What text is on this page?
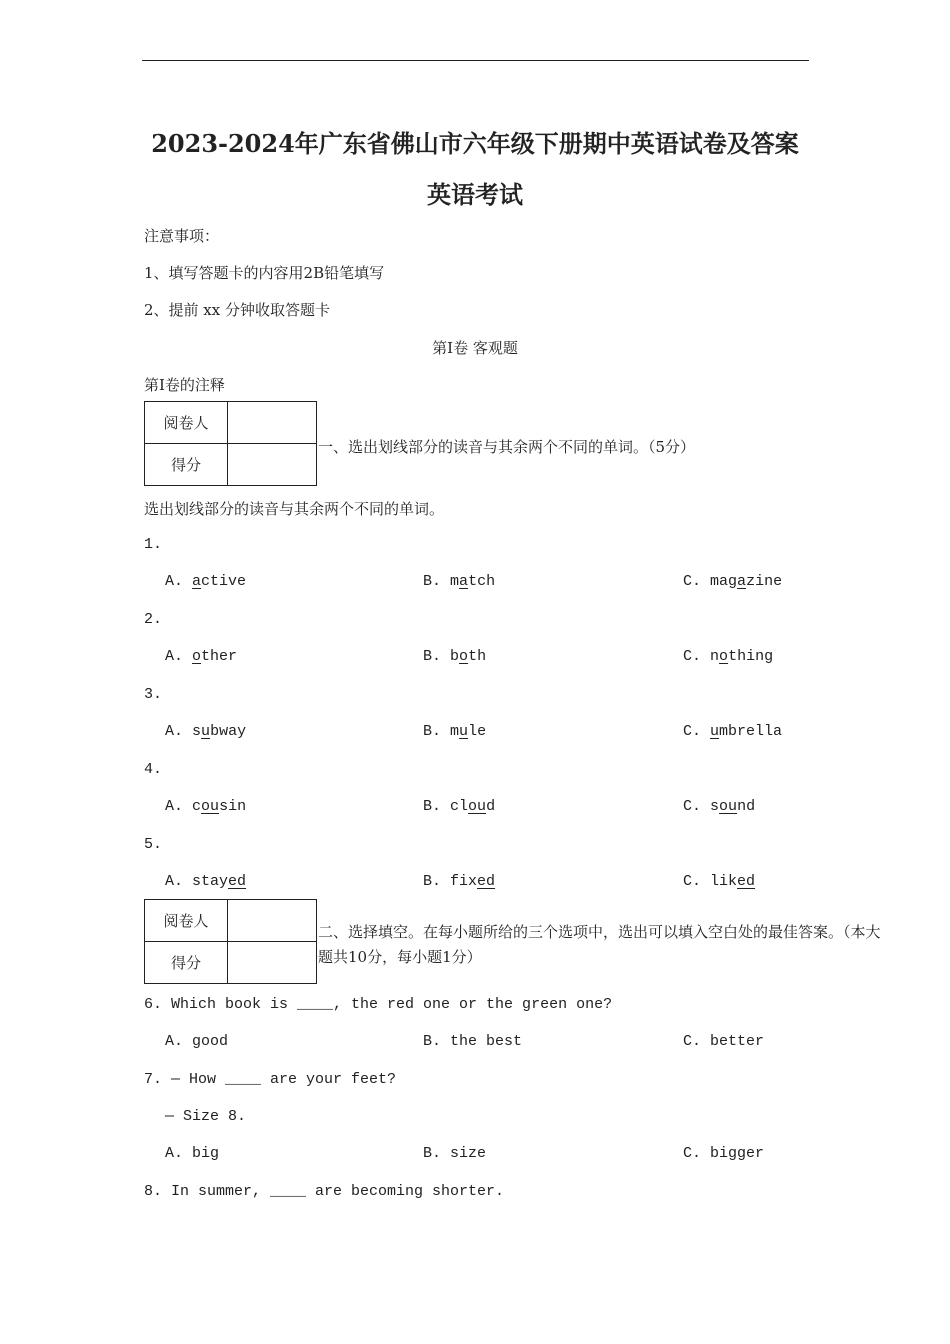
2023-2024年广东省佛山市六年级下册期中英语试卷及答案
英语考试
注意事项：
1、填写答题卡的内容用2B铅笔填写
2、提前 xx 分钟收取答题卡
第Ⅰ卷 客观题
第Ⅰ卷的注释
阅卷人	
得分	
一、选出划线部分的读音与其余两个不同的单词。（5分）
选出划线部分的读音与其余两个不同的单词。
1.
A. active	B. match	C. magazine
2.
A. other	B. both	C. nothing
3.
A. subway	B. mule	C. umbrella
4.
A. cousin	B. cloud	C. sound
5.
A. stayed	B. fixed	C. liked
阅卷人	
得分	
二、选择填空。在每小题所给的三个选项中，选出可以填入空白处的最佳答案。（本大
题共10分，每小题1分）
6. Which book is ____, the red one or the green one?
A. good	B. the best	C. better
7. — How ____ are your feet?
— Size 8.
A. big	B. size	C. bigger
8. In summer, ____ are becoming shorter.
